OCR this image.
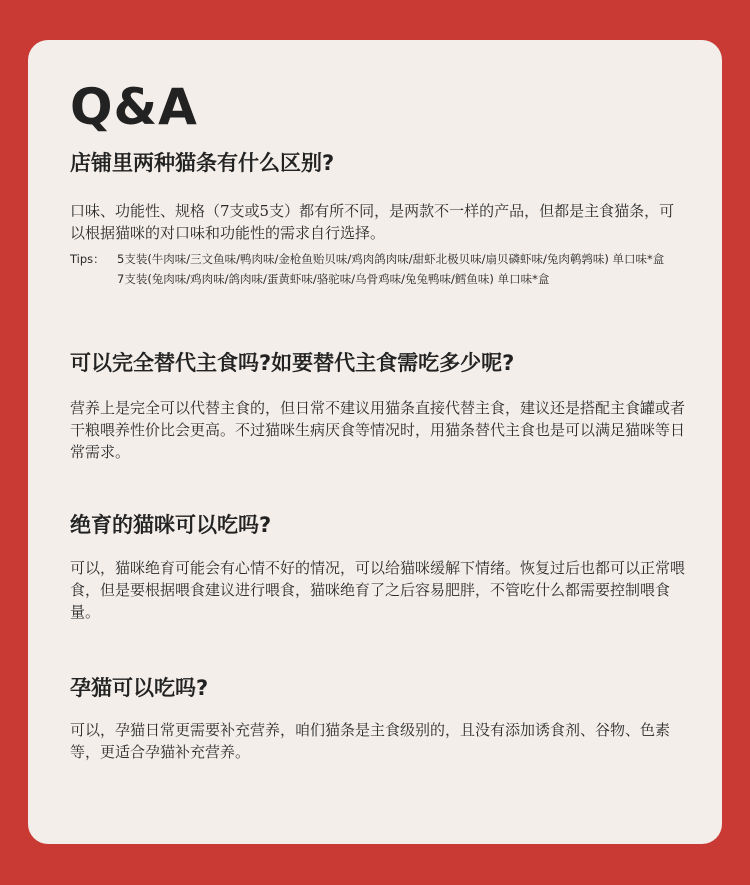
Q&A
店铺里两种猫条有什么区别?

口味、功能性、规格（7支或5支）都有所不同，是两款不一样的产品，但都是主食猫条，可以根据猫咪的对口味和功能性的需求自行选择。

Tips： 5支装(牛肉味/三文鱼味/鸭肉味/金枪鱼贻贝味/鸡肉鸽肉味/甜虾北极贝味/扇贝磷虾味/兔肉鹌鹑味) 单口味*盒
7支装(兔肉味/鸡肉味/鸽肉味/蛋黄虾味/骆驼味/乌骨鸡味/兔兔鸭味/鳕鱼味) 单口味*盒
可以完全替代主食吗?如要替代主食需吃多少呢?

营养上是完全可以代替主食的，但日常不建议用猫条直接代替主食，建议还是搭配主食罐或者干粮喂养性价比会更高。不过猫咪生病厌食等情况时，用猫条替代主食也是可以满足猫咪等日常需求。

绝育的猫咪可以吃吗?

可以，猫咪绝育可能会有心情不好的情况，可以给猫咪缓解下情绪。恢复过后也都可以正常喂食，但是要根据喂食建议进行喂食，猫咪绝育了之后容易肥胖，不管吃什么都需要控制喂食量。

孕猫可以吃吗?

可以，孕猫日常更需要补充营养，咱们猫条是主食级别的，且没有添加诱食剂、谷物、色素等，更适合孕猫补充营养。
